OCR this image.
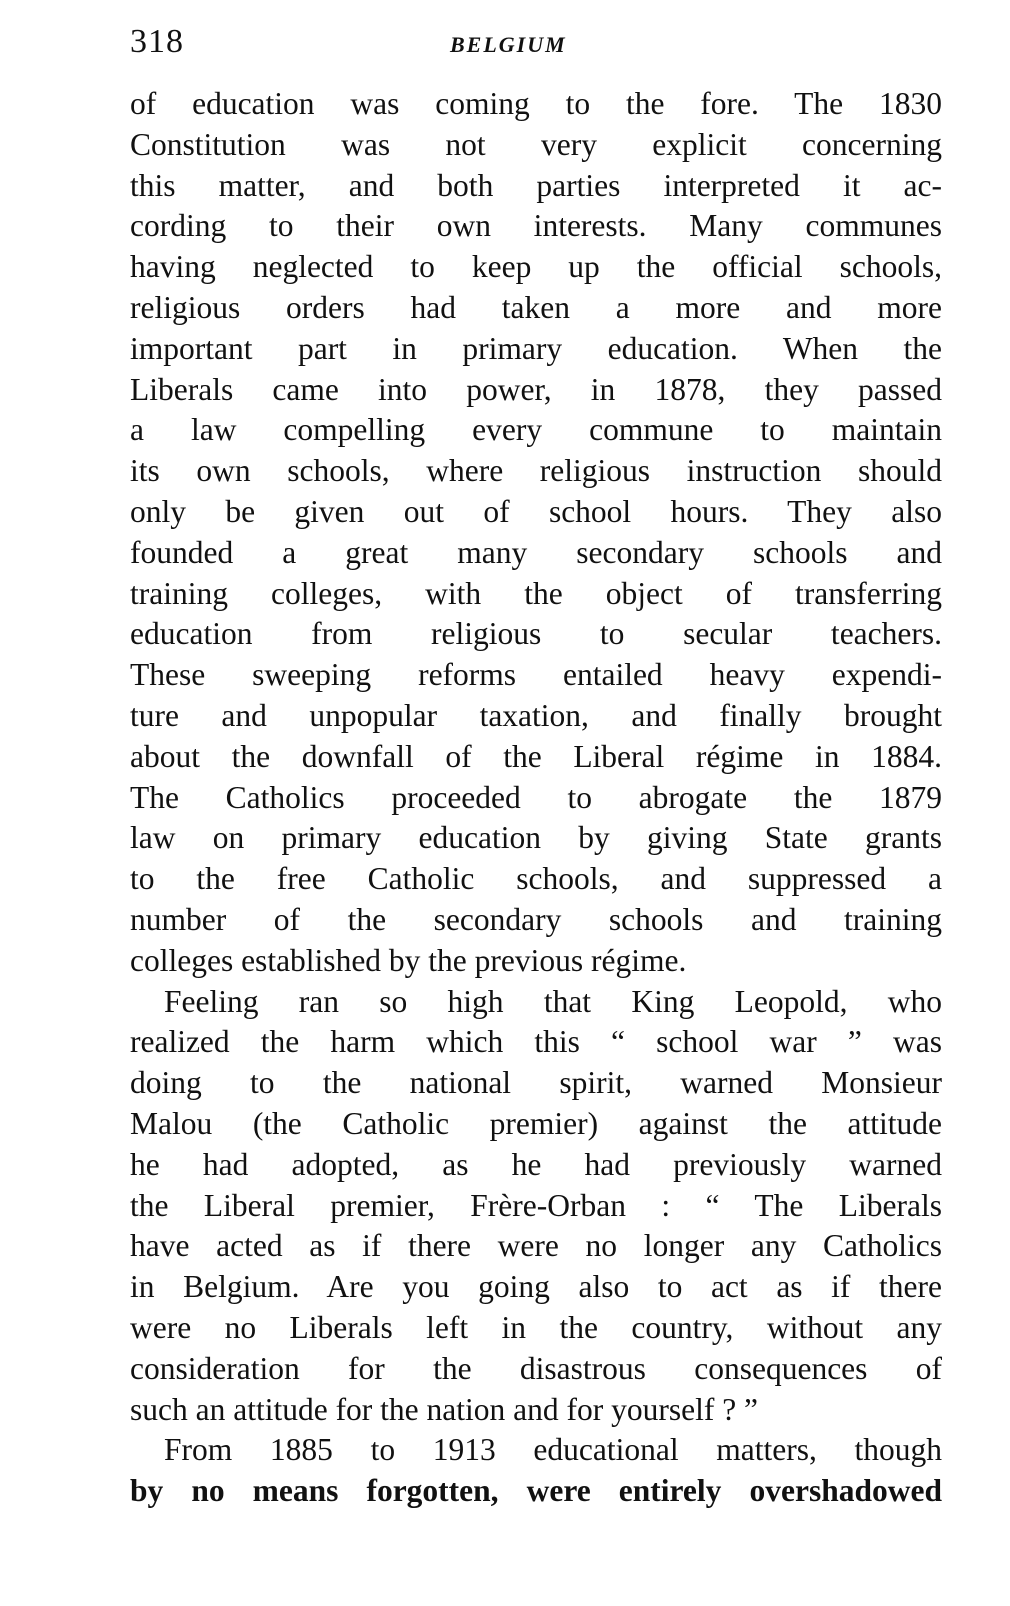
318	BELGIUM
of education was coming to the fore. The 1830
Constitution was not very explicit concerning
this matter, and both parties interpreted it ac-
cording to their own interests. Many communes
having neglected to keep up the official schools,
religious orders had taken a more and more
important part in primary education. When the
Liberals came into power, in 1878, they passed
a law compelling every commune to maintain
its own schools, where religious instruction should
only be given out of school hours. They also
founded a great many secondary schools and
training colleges, with the object of transferring
education from religious to secular teachers.
These sweeping reforms entailed heavy expendi-
ture and unpopular taxation, and finally brought
about the downfall of the Liberal régime in 1884.
The Catholics proceeded to abrogate the 1879
law on primary education by giving State grants
to the free Catholic schools, and suppressed a
number of the secondary schools and training
colleges established by the previous régime.
Feeling ran so high that King Leopold, who
realized the harm which this “ school war ” was
doing to the national spirit, warned Monsieur
Malou (the Catholic premier) against the attitude
he had adopted, as he had previously warned
the Liberal premier, Frère-Orban : “ The Liberals
have acted as if there were no longer any Catholics
in Belgium. Are you going also to act as if there
were no Liberals left in the country, without any
consideration for the disastrous consequences of
such an attitude for the nation and for yourself ? ”
From 1885 to 1913 educational matters, though
by no means forgotten, were entirely overshadowed
